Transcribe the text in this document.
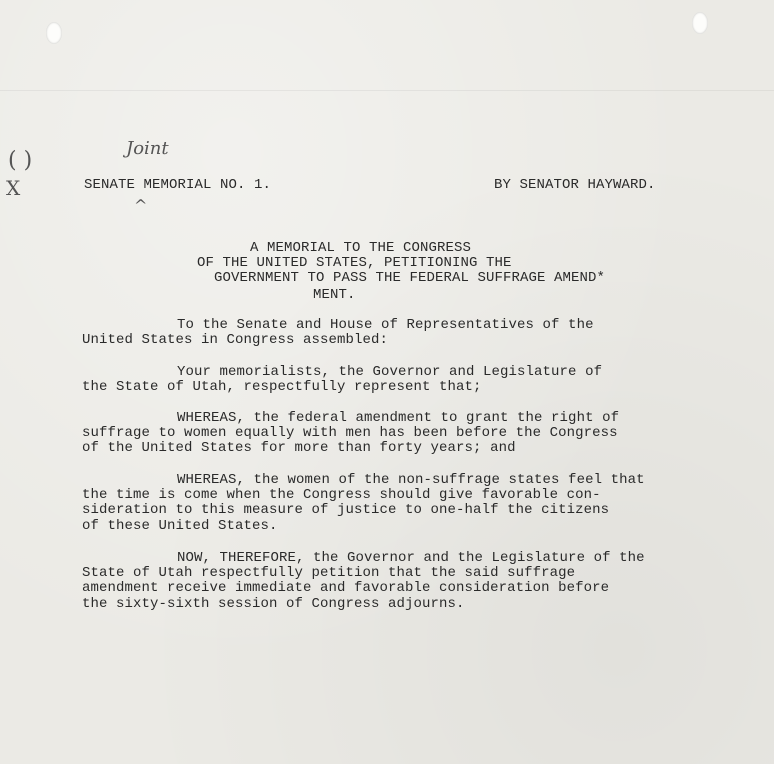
Joint
( )
X
^
SENATE MEMORIAL NO. 1.	BY SENATOR HAYWARD.
A MEMORIAL TO THE CONGRESS
OF THE UNITED STATES, PETITIONING THE
GOVERNMENT TO PASS THE FEDERAL SUFFRAGE AMEND*
MENT.
To the Senate and House of Representatives of the
United States in Congress assembled:
Your memorialists, the Governor and Legislature of
the State of Utah, respectfully represent that;
WHEREAS, the federal amendment to grant the right of
suffrage to women equally with men has been before the Congress
of the United States for more than forty years; and
WHEREAS, the women of the non-suffrage states feel that
the time is come when the Congress should give favorable con-
sideration to this measure of justice to one-half the citizens
of these United States.
NOW, THEREFORE, the Governor and the Legislature of the
State of Utah respectfully petition that the said suffrage
amendment receive immediate and favorable consideration before
the sixty-sixth session of Congress adjourns.
